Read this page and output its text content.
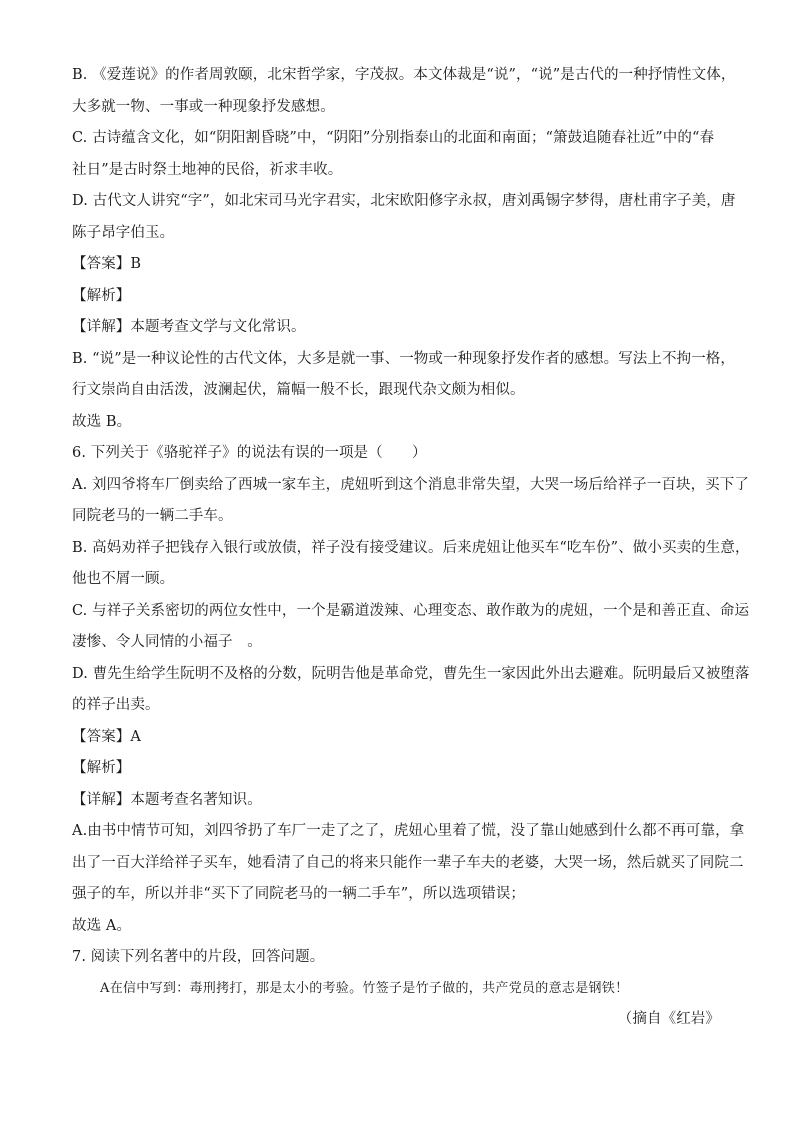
B. 《爱莲说》的作者周敦颐，北宋哲学家，字茂叔。本文体裁是“说”，“说”是古代的一种抒情性文体，
大多就一物、一事或一种现象抒发感想。
C. 古诗蕴含文化，如“阴阳割昏晓”中，“阴阳”分别指泰山的北面和南面；“箫鼓追随春社近”中的“春
社日”是古时祭土地神的民俗，祈求丰收。
D. 古代文人讲究“字”，如北宋司马光字君实，北宋欧阳修字永叔，唐刘禹锡字梦得，唐杜甫字子美，唐
陈子昂字伯玉。
【答案】B
【解析】
【详解】本题考查文学与文化常识。
B. “说”是一种议论性的古代文体，大多是就一事、一物或一种现象抒发作者的感想。写法上不拘一格，
行文崇尚自由活泼，波澜起伏，篇幅一般不长，跟现代杂文颇为相似。
故选 B。
6. 下列关于《骆驼祥子》的说法有误的一项是（　　）
A. 刘四爷将车厂倒卖给了西城一家车主，虎妞听到这个消息非常失望，大哭一场后给祥子一百块，买下了
同院老马的一辆二手车。
B. 高妈劝祥子把钱存入银行或放债，祥子没有接受建议。后来虎妞让他买车“吃车份”、做小买卖的生意，
他也不屑一顾。
C. 与祥子关系密切的两位女性中，一个是霸道泼辣、心理变态、敢作敢为的虎妞，一个是和善正直、命运
凄惨、令人同情的小福子　。
D. 曹先生给学生阮明不及格的分数，阮明告他是革命党，曹先生一家因此外出去避难。阮明最后又被堕落
的祥子出卖。
【答案】A
【解析】
【详解】本题考查名著知识。
A.由书中情节可知，刘四爷扔了车厂一走了之了，虎妞心里着了慌，没了靠山她感到什么都不再可靠，拿
出了一百大洋给祥子买车，她看清了自己的将来只能作一辈子车夫的老婆，大哭一场，然后就买了同院二
强子的车，所以并非“买下了同院老马的一辆二手车”，所以选项错误；
故选 A。
7. 阅读下列名著中的片段，回答问题。
A在信中写到：毒刑拷打，那是太小的考验。竹签子是竹子做的，共产党员的意志是钢铁！
（摘自《红岩》
